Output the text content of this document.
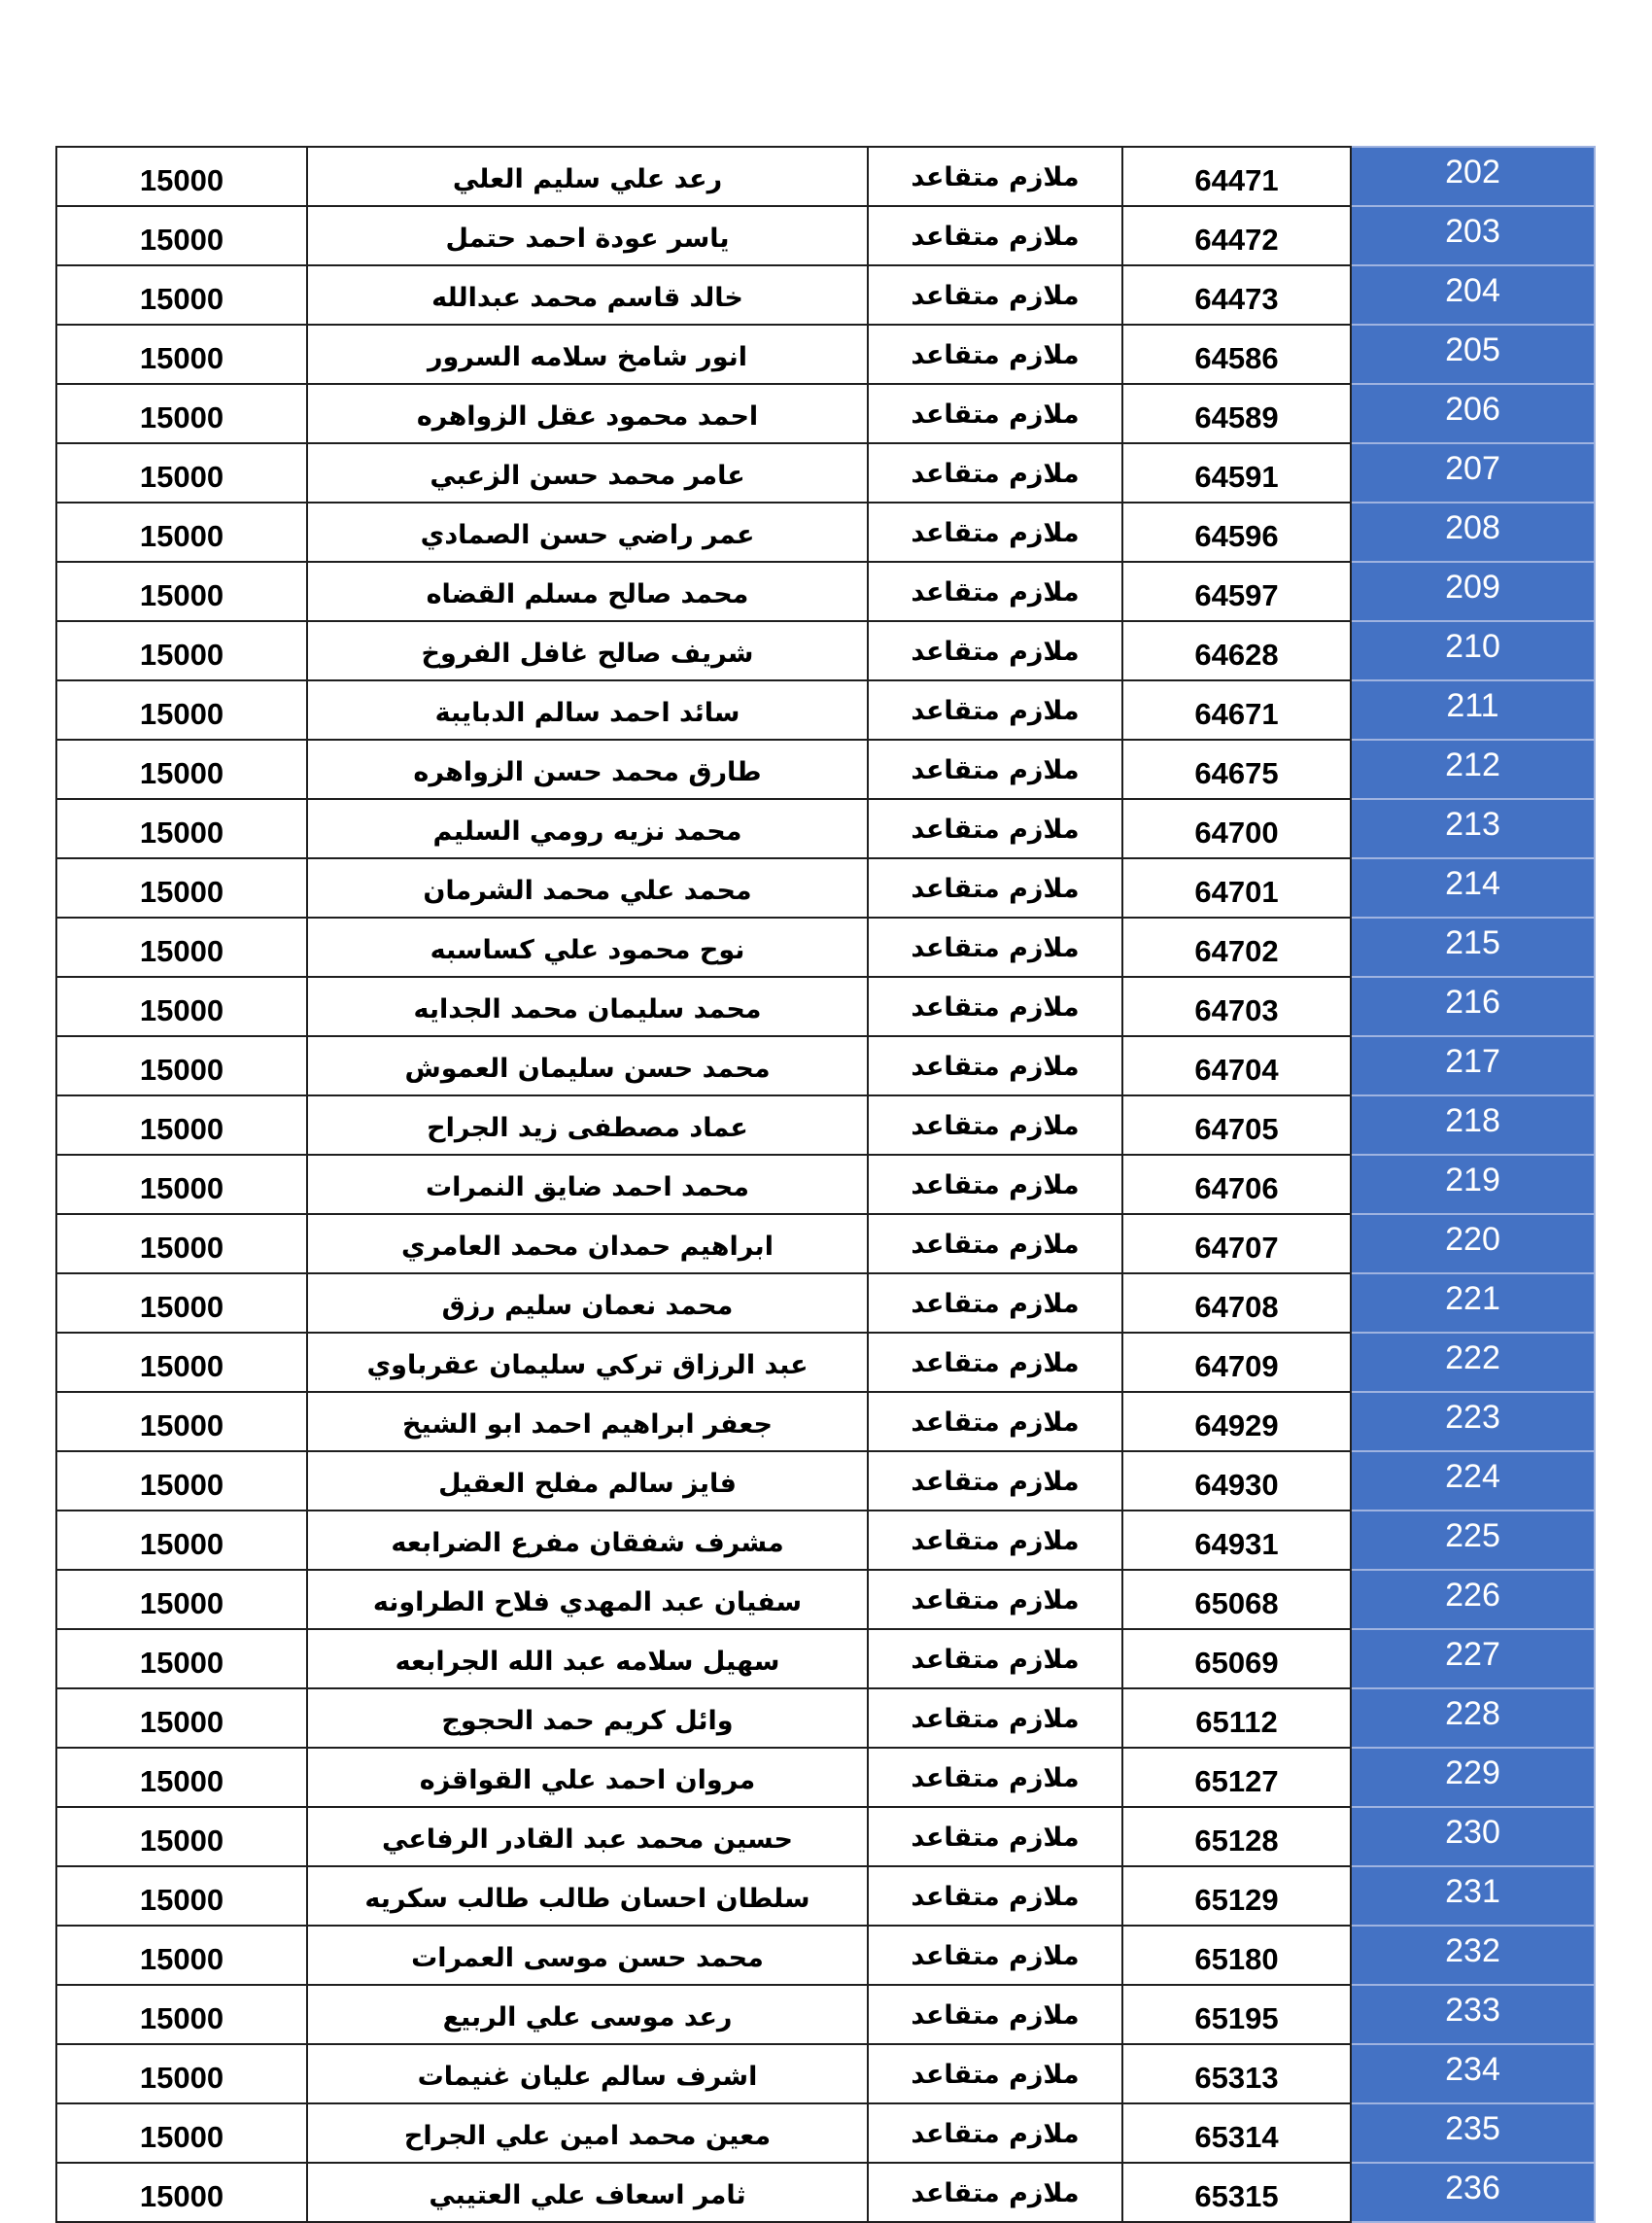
15000	رعد علي سليم العلي	ملازم متقاعد	64471	202
15000	ياسر عودة احمد حتمل	ملازم متقاعد	64472	203
15000	خالد قاسم محمد عبدالله	ملازم متقاعد	64473	204
15000	انور شامخ سلامه السرور	ملازم متقاعد	64586	205
15000	احمد محمود عقل الزواهره	ملازم متقاعد	64589	206
15000	عامر محمد حسن الزعبي	ملازم متقاعد	64591	207
15000	عمر راضي حسن الصمادي	ملازم متقاعد	64596	208
15000	محمد صالح مسلم القضاه	ملازم متقاعد	64597	209
15000	شريف صالح غافل الفروخ	ملازم متقاعد	64628	210
15000	سائد احمد سالم الدبايبة	ملازم متقاعد	64671	211
15000	طارق محمد حسن الزواهره	ملازم متقاعد	64675	212
15000	محمد نزيه رومي السليم	ملازم متقاعد	64700	213
15000	محمد علي محمد الشرمان	ملازم متقاعد	64701	214
15000	نوح محمود علي كساسبه	ملازم متقاعد	64702	215
15000	محمد سليمان محمد الجدايه	ملازم متقاعد	64703	216
15000	محمد حسن سليمان العموش	ملازم متقاعد	64704	217
15000	عماد مصطفى زيد الجراح	ملازم متقاعد	64705	218
15000	محمد احمد ضايق النمرات	ملازم متقاعد	64706	219
15000	ابراهيم حمدان محمد العامري	ملازم متقاعد	64707	220
15000	محمد نعمان سليم رزق	ملازم متقاعد	64708	221
15000	عبد الرزاق تركي سليمان عقرباوي	ملازم متقاعد	64709	222
15000	جعفر ابراهيم احمد ابو الشيخ	ملازم متقاعد	64929	223
15000	فايز سالم مفلح العقيل	ملازم متقاعد	64930	224
15000	مشرف شفقان مفرع الضرابعه	ملازم متقاعد	64931	225
15000	سفيان عبد المهدي فلاح الطراونه	ملازم متقاعد	65068	226
15000	سهيل سلامه عبد الله الجرابعه	ملازم متقاعد	65069	227
15000	وائل كريم حمد الحجوج	ملازم متقاعد	65112	228
15000	مروان احمد علي القواقزه	ملازم متقاعد	65127	229
15000	حسين محمد عبد القادر الرفاعي	ملازم متقاعد	65128	230
15000	سلطان احسان طالب طالب سكريه	ملازم متقاعد	65129	231
15000	محمد حسن موسى العمرات	ملازم متقاعد	65180	232
15000	رعد موسى علي الربيع	ملازم متقاعد	65195	233
15000	اشرف سالم عليان غنيمات	ملازم متقاعد	65313	234
15000	معين محمد امين علي الجراح	ملازم متقاعد	65314	235
15000	ثامر اسعاف علي العتيبي	ملازم متقاعد	65315	236
